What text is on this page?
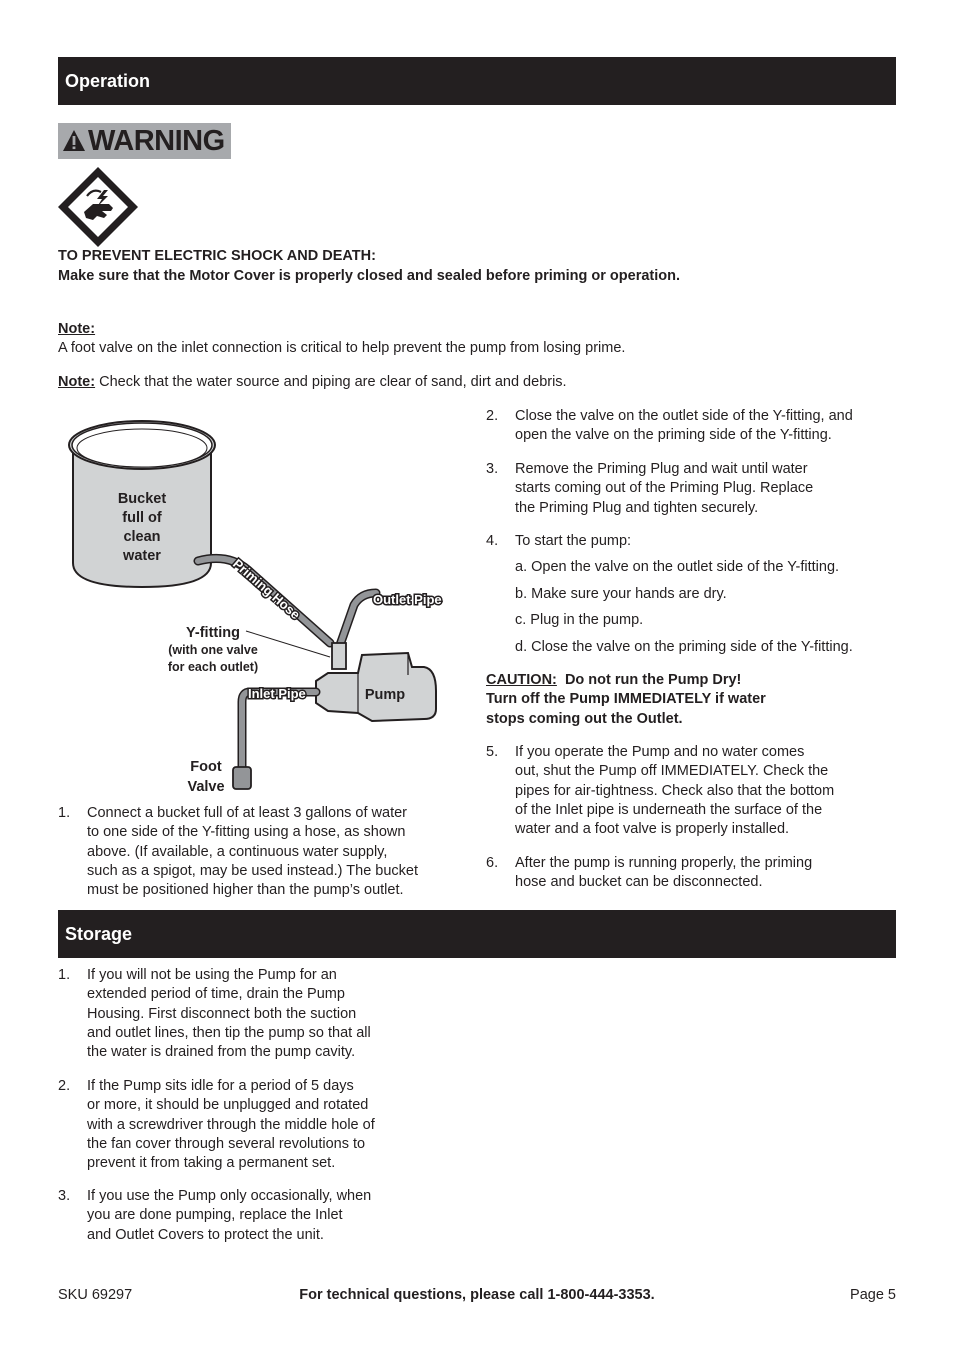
Operation
WARNING
TO PREVENT ELECTRIC SHOCK AND DEATH:
Make sure that the Motor Cover is properly closed and sealed before priming or operation.
Note:
A foot valve on the inlet connection is critical to help prevent the pump from losing prime.
Note: Check that the water source and piping are clear of sand, dirt and debris.
Bucket
full of
clean
water	Priming Hose	Outlet Pipe
Pump
Y-fitting
(with one valve
for each outlet)
Inlet Pipe
Foot
Valve
1. Connect a bucket full of at least 3 gallons of water
to one side of the Y-fitting using a hose, as shown
above. (If available, a continuous water supply,
such as a spigot, may be used instead.) The bucket
must be positioned higher than the pump’s outlet.
2. Close the valve on the outlet side of the Y-fitting, and
open the valve on the priming side of the Y-fitting.
3. Remove the Priming Plug and wait until water
starts coming out of the Priming Plug. Replace
the Priming Plug and tighten securely.
4. To start the pump:
a. Open the valve on the outlet side of the Y-fitting.
b. Make sure your hands are dry.
c. Plug in the pump.
d. Close the valve on the priming side of the Y-fitting.
CAUTION:  Do not run the Pump Dry!
Turn off the Pump IMMEDIATELY if water
stops coming out the Outlet.
5. If you operate the Pump and no water comes
out, shut the Pump off IMMEDIATELY. Check the
pipes for air-tightness. Check also that the bottom
of the Inlet pipe is underneath the surface of the
water and a foot valve is properly installed.
6. After the pump is running properly, the priming
hose and bucket can be disconnected.
Storage
1. If you will not be using the Pump for an
extended period of time, drain the Pump
Housing. First disconnect both the suction
and outlet lines, then tip the pump so that all
the water is drained from the pump cavity.
2. If the Pump sits idle for a period of 5 days
or more, it should be unplugged and rotated
with a screwdriver through the middle hole of
the fan cover through several revolutions to
prevent it from taking a permanent set.
3. If you use the Pump only occasionally, when
you are done pumping, replace the Inlet
and Outlet Covers to protect the unit.
SKU 69297	For technical questions, please call 1-800-444-3353.	Page 5
